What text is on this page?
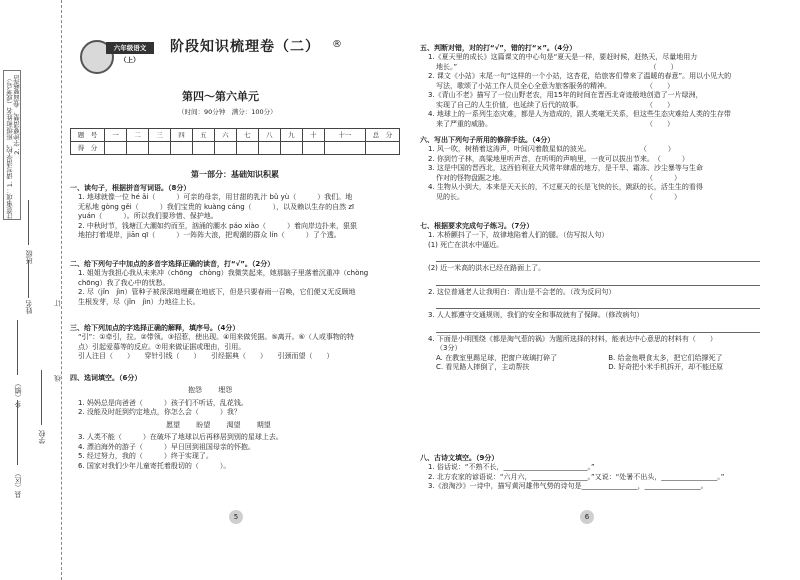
注意事项：1. 请写清学校、班级和姓名（或考号） 2. 字迹要清楚、卷面要整洁
班级
姓名
学校
县（区）
乡（镇）
订
线
六年级语文
（上）
阶段知识梳理卷（二） ®
第四～第六单元
（时间：90分钟　满分：100分）
题　号	一	二	三	四	五	六	七	八	九	十	十一	总　分
得　分												
第一部分：基础知识积累
一、读句子，根据拼音写词语。（8分）
1. 地球就像一位 hé ǎi（　　　）可亲的母亲，用甘甜的乳汁 bǔ yù（　　　）我们。地
无私地 gòng gěi（　　　）我们宝贵的 kuàng cáng（　　　），以及赖以生存的自然 zī
yuán（　　　）。所以我们要珍惜、保护地。
2. 中秋时节，钱塘江大潮如约而至，汹涌的潮水 páo xiào（　　　）着向岸边扑来，狠狠
地拍打着堤岸，jiān qī（　　　）一阵阵大浪，把观潮的群众 lín（　　　）了个透。
二、给下列句子中加点的多音字选择正确的读音，打“√”。（2分）
1. 姐姐为我担心我从未来冲（chōng　chòng）我微笑起来，她那脑子里落着沉重冲（chòng
chōng）我了我心中的忧愁。
2. 尽（jǐn　jìn）管种子被深深地埋藏在地底下，但是只要春雨一召唤，它们便又无反顾地
生根发芽，尽（jǐn　jìn）力地往上长。
三、给下列加点的字选择正确的解释，填序号。（4分）
“引”：①牵引，拉。②带领。③招惹，使出现。④用来做凭据。⑤离开。⑥（人或事物的特
点）引起爱慕等的反应。⑦用来做证据或理由，引用。
引人注目（　　）　　穿针引线（　　）　　引经据典（　　）　　引颈而望（　　）
四、选词填空。（6分）
抱怨　　 埋怨
1. 妈妈总是向爸爸（　　　）孩子们不听话，乱花钱。
2. 没能及时赶到约定地点，你怎么会（　　　）我？
愿望　　 盼望　　 渴望　　 期望
3. 人类不能（　　　）在破坏了地球以后再移居到别的星球上去。
4. 漂泊海外的游子（　　　）早日回到祖国母亲的怀抱。
5. 经过努力，我的（　　　）终于实现了。
6. 国家对我们少年儿童寄托着殷切的（　　　）。
5
五、判断对错，对的打“√”，错的打“×”。（4分）
1.《夏天里的成长》这篇课文的中心句是“夏天是一样，要赶时候，赶热天，尽量地用力
地长。”　　　　　　　　　　　　　　　　　　　　　　　　　　　　（　　）
2. 课文《小站》末尾一句“这样的一个小站，这杏花，给旅客们带来了温暖的春意”。用以小见大的
写法，歌颂了小站工作人员全心全意为旅客服务的精神。　　　　　　（　　）
3.《青山不老》描写了一位山野老农，用15年的时间在晋西北奇迹般地创造了一片绿洲，
实现了自己的人生价值，也延续了后代的故事。　　　　　　　　　　（　　）
4. 地球上的一系列生态灾难，都是人为造成的，跟人类毫无关系，但这些生态灾难给人类的生存带
来了严重的威胁。　　　　　　　　　　　　　　　　　　　　　　　（　　）
六、写出下列句子所用的修辞手法。（4分）
1. 风一吹，树梢着这涛声，叶间闪着散星似的波光。　　　　　　　　（　　　）
2. 你到竹子林，高粱地里听声音，在听明的声响里，一夜可以拔出节来。　（　　　）
3. 这是中国的晋西北，这西伯利亚大风常年肆虐的地方，是干旱、霜冻、沙尘暴等与生命
作对的怪物盘踞之地。　　　　　　　　　　　　　　　　　　　　　（　　　）
4. 生物从小到大，本来是天天长的，不过夏天的长是飞快的长，跳跃的长，活生生的看得
见的长。　　　　　　　　　　　　　　　　　　　　　　　　　　　（　　　）
七、根据要求完成句子练习。（7分）
1. 木桥颤抖了一下，故律地陷着人们的腿。（仿写拟人句）
(1) 死亡在洪水中逼近。
(2) 近一米高的洪水已经在路面上了。
2. 这位普通老人让我明白：青山是不会老的。（改为反问句）
3. 人人都遵守交通规则，我们的安全和事故就有了保障。（修改病句）
4. 下面是小明围绕《都是淘气惹的祸》为题所选择的材料，能表达中心意思的材料有（　　）
（3分）
A. 在教室里踢足球，把窗户玻璃打碎了	B. 给金鱼喂食太多，把它们给撑死了
C. 看见路人摔倒了，主动帮扶	D. 好奇把小米手机拆开，却不能还原
八、古诗文填空。（9分）
1. 俗话说：“不熟不长，________________________。”
2. 北方农家的谚语说：“六月六，________________。”又说：“处暑不出头，________________。”
3.《浪淘沙》一诗中，描写黄河雄伟气势的诗句是________________，________________。
6
